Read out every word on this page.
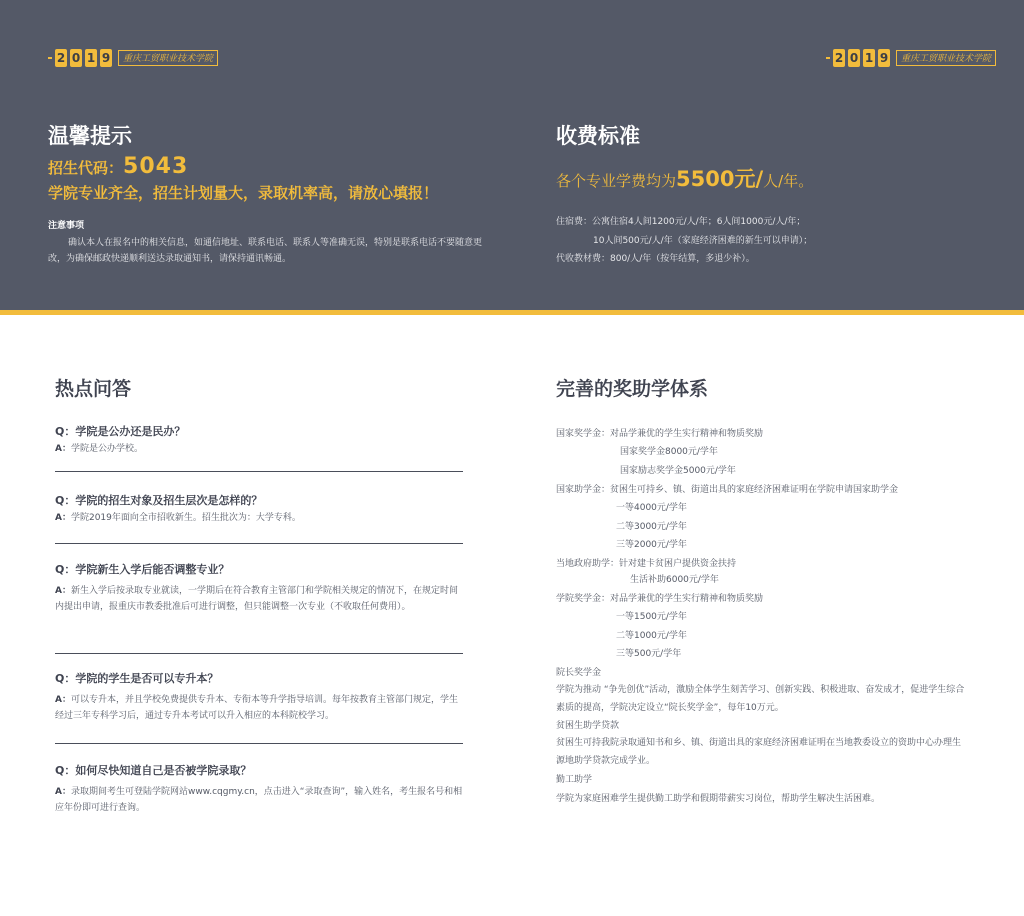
2 0 1 9	重庆工贸职业技术学院	2 0 1 9	重庆工贸职业技术学院
温馨提示
招生代码：5043
学院专业齐全，招生计划量大，录取机率高，请放心填报！
注意事项
确认本人在报名中的相关信息，如通信地址、联系电话、联系人等准确无误，特别是联系电话不要随意更改，为确保邮政快递顺利送达录取通知书，请保持通讯畅通。
收费标准
各个专业学费均为5500元/人/年。
住宿费：公寓住宿4人间1200元/人/年；6人间1000元/人/年；
10人间500元/人/年（家庭经济困难的新生可以申请）；
代收教材费：800/人/年（按年结算，多退少补）。
热点问答
Q：学院是公办还是民办？
A：学院是公办学校。
Q：学院的招生对象及招生层次是怎样的？
A：学院2019年面向全市招收新生。招生批次为：大学专科。
Q：学院新生入学后能否调整专业？
A：新生入学后按录取专业就读，一学期后在符合教育主管部门和学院相关规定的情况下，在规定时间内提出申请，报重庆市教委批准后可进行调整，但只能调整一次专业（不收取任何费用）。
Q：学院的学生是否可以专升本？
A：可以专升本，并且学校免费提供专升本、专衔本等升学指导培训。每年按教育主管部门规定，学生经过三年专科学习后，通过专升本考试可以升入相应的本科院校学习。
Q：如何尽快知道自己是否被学院录取？
A：录取期间考生可登陆学院网站www.cqgmy.cn，点击进入“录取查询”，输入姓名，考生报名号和相应年份即可进行查询。
完善的奖助学体系
国家奖学金：对品学兼优的学生实行精神和物质奖励
国家奖学金8000元/学年
国家励志奖学金5000元/学年
国家助学金：贫困生可持乡、镇、街道出具的家庭经济困难证明在学院申请国家助学金
一等4000元/学年
二等3000元/学年
三等2000元/学年
当地政府助学：针对建卡贫困户提供资金扶持
生活补助6000元/学年
学院奖学金：对品学兼优的学生实行精神和物质奖励
一等1500元/学年
二等1000元/学年
三等500元/学年
院长奖学金
学院为推动 “争先创优”活动，激励全体学生刻苦学习、创新实践、积极进取、奋发成才，促进学生综合素质的提高，学院决定设立“院长奖学金”，每年10万元。
贫困生助学贷款
贫困生可持我院录取通知书和乡、镇、街道出具的家庭经济困难证明在当地教委设立的资助中心办理生源地助学贷款完成学业。
勤工助学
学院为家庭困难学生提供勤工助学和假期带薪实习岗位，帮助学生解决生活困难。
